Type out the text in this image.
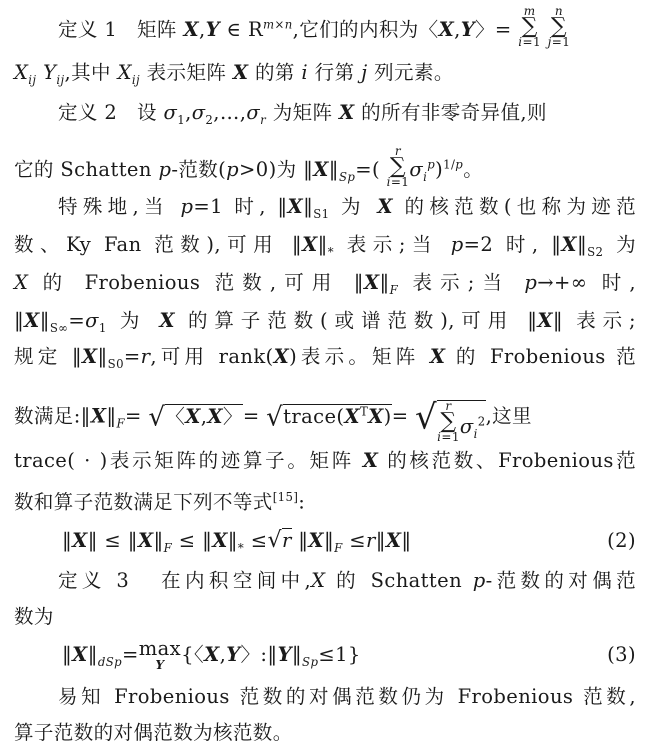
定义 1 矩阵 X,Y ∈ $R^{m\times n}$,它们的内积为〈X,Y〉= m
∑
i=1 n
∑
j=1
$X_{ij}$ $Y_{ij}$,其中 $X_{ij}$ 表示矩阵 X 的第 i 行第 j 列元素。
定义 2 设 $\sigma_1,\sigma_2,\dots,\sigma_r$ 为矩阵 X 的所有非零奇异值,则
它的 Schatten p-范数(p>0)为 $‖X‖_{Sp}=$( r
∑
$i=1\sigma_i^p)^{1/p}$。
特殊地,当 p=1 时, $‖X‖_{S1}$ 为 X 的核范数(也称为迹范
数、Ky Fan 范数),可用 $‖X‖_*$ 表示;当 p=2 时, $‖X‖_{S2}$ 为
X 的 Frobenious 范数,可用 $‖X‖_F$ 表示;当 p→+∞ 时,
$‖X‖_{S\infty}=\sigma_1$ 为 X 的算子范数(或谱范数),可用 ‖X‖ 表示;
规定 $‖X‖_{S0}=r$,可用 rank(X)表示。矩阵 X 的 Frobenious 范
数满足$:‖X‖_F=$ √〈X,X〉= $√trace(X^TX)=$ √ r
∑
$i=1\sigma_i^2$,这里
trace( · )表示矩阵的迹算子。矩阵 X 的核范数、Frobenious范
数和算子范数满足下列不等式[15]:
‖X‖ ≤ $‖X‖_F$ ≤ $‖X‖_* \le√r$ $‖X‖_F$ ≤r‖X‖	(2)
定义 3 在内积空间中,X 的 Schatten p-范数的对偶范
数为
$‖X‖_{dSp}=\max$
Y {〈X,Y〉$:‖Y‖_{Sp}\le 1$}	(3)
易知 Frobenious 范数的对偶范数仍为 Frobenious 范数,
算子范数的对偶范数为核范数。
